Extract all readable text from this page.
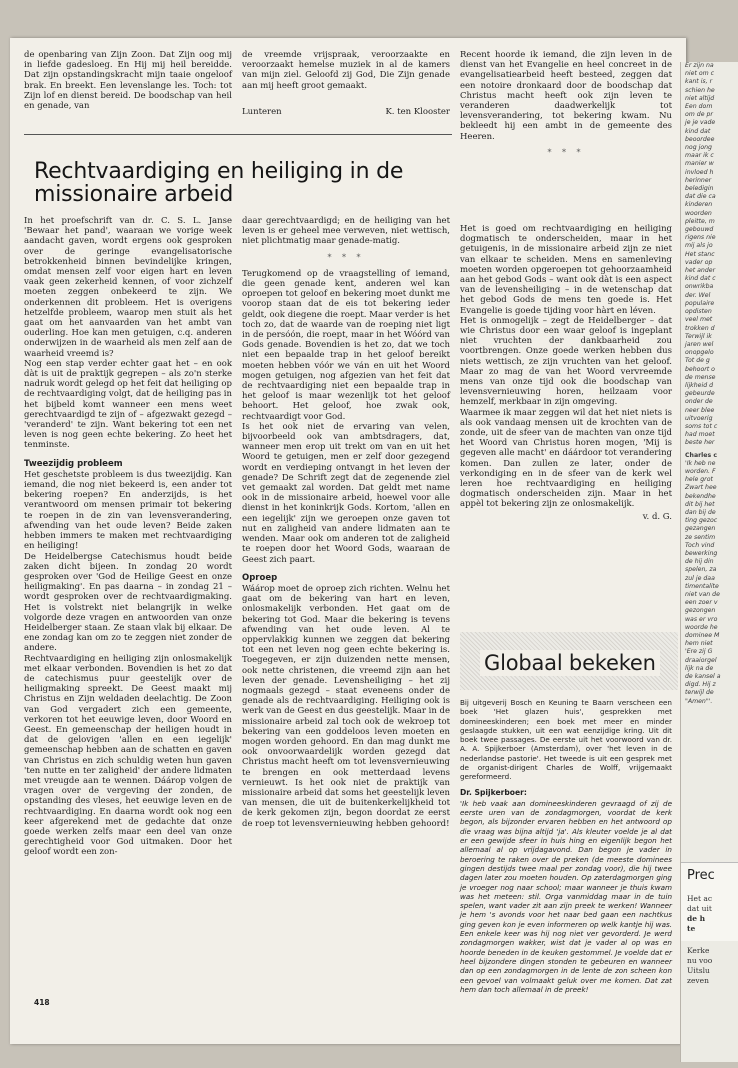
de openbaring van Zijn Zoon. Dat Zijn oog mij in liefde gadesloeg. En Hij mij heil bereidde. Dat zijn opstandingskracht mijn taaie ongeloof brak. En breekt. Een levenslange les. Toch: tot Zijn lof en dienst bereid. De boodschap van heil en genade, van

de vreemde vrijspraak, veroorzaakte en veroorzaakt hemelse muziek in al de kamers van mijn ziel. Geloofd zij God, Die Zijn genade aan mij heeft groot gemaakt.

Lunteren	K. ten Klooster

Recent hoorde ik iemand, die zijn leven in de dienst van het Evangelie en heel concreet in de evangelisatiearbeid heeft besteed, zeggen dat een notoire dronkaard door de boodschap dat Christus macht heeft ook zijn leven te veranderen daadwerkelijk tot levensverandering, tot bekering kwam. Nu bekleedt hij een ambt in de gemeente des Heeren.

* * *
Rechtvaardiging en heiliging in de missionaire arbeid

In het proefschrift van dr. C. S. L. Janse 'Bewaar het pand', waaraan we vorige week aandacht gaven, wordt ergens ook gesproken over de geringe evangelisatorische betrokkenheid binnen bevindelijke kringen, omdat mensen zelf voor eigen hart en leven vaak geen zekerheid kennen, of voor zichzelf moeten zeggen onbekeerd te zijn. We onderkennen dit probleem. Het is overigens hetzelfde probleem, waarop men stuit als het gaat om het aanvaarden van het ambt van ouderling. Hoe kan men getuigen, c.q. anderen onderwijzen in de waarheid als men zelf aan de waarheid vreemd is?

Nog een stap verder echter gaat het – en ook dàt is uit de praktijk gegrepen – als zo'n sterke nadruk wordt gelegd op het feit dat heiliging op de rechtvaardiging volgt, dat de heiliging pas in het bijbeld komt wanneer een mens weet gerechtvaardigd te zijn of – afgezwakt gezegd – 'veranderd' te zijn. Want bekering tot een net leven is nog geen echte bekering. Zo heet het tenminste.

Tweezijdig probleem

Het geschetste probleem is dus tweezijdig. Kan iemand, die nog niet bekeerd is, een ander tot bekering roepen? En anderzijds, is het verantwoord om mensen primair tot bekering te roepen in de zin van levensverandering, afwending van het oude leven? Beide zaken hebben immers te maken met rechtvaardiging en heiliging!

De Heidelbergse Catechismus houdt beide zaken dicht bijeen. In zondag 20 wordt gesproken over 'God de Heilige Geest en onze heiligmaking'. En pas daarna – in zondag 21 – wordt gesproken over de rechtvaardigmaking. Het is volstrekt niet belangrijk in welke volgorde deze vragen en antwoorden van onze Heidelberger staan. Ze staan vlak bij elkaar. De ene zondag kan om zo te zeggen niet zonder de andere.

Rechtvaardiging en heiliging zijn onlosmakelijk met elkaar verbonden. Bovendien is het zo dat de catechismus puur geestelijk over de heiligmaking spreekt. De Geest maakt mij Christus en Zijn weldaden deelachtig. De Zoon van God vergadert zich een gemeente, verkoren tot het eeuwige leven, door Woord en Geest. En gemeenschap der heiligen houdt in dat de gelovigen 'allen en een iegelijk' gemeenschap hebben aan de schatten en gaven van Christus en zich schuldig weten hun gaven 'ten nutte en ter zaligheid' der andere lidmaten met vreugde aan te wennen. Dáárop volgen de vragen over de vergeving der zonden, de opstanding des vleses, het eeuwige leven en de rechtvaardiging. En daarna wordt ook nog een keer afgerekend met de gedachte dat onze goede werken zelfs maar een deel van onze gerechtigheid voor God uitmaken. Door het geloof wordt een zon-

daar gerechtvaardigd; en de heiliging van het leven is er geheel mee verweven, niet wettisch, niet plichtmatig maar genade-matig.

* * *

Terugkomend op de vraagstelling of iemand, die geen genade kent, anderen wel kan oproepen tot geloof en bekering moet dunkt me voorop staan dat de eis tot bekering ieder geldt, ook diegene die roept. Maar verder is het toch zo, dat de waarde van de roeping niet ligt in de persóón, die roept, maar in het Wóórd van Gods genade. Bovendien is het zo, dat we toch niet een bepaalde trap in het geloof bereikt moeten hebben vóór we ván en uit het Woord mogen getuigen, nog afgezien van het feit dat de rechtvaardiging niet een bepaalde trap in het geloof is maar wezenlijk tot het geloof behoort. Het geloof, hoe zwak ook, rechtvaardigt voor God.

Is het ook niet de ervaring van velen, bijvoorbeeld ook van ambtsdragers, dat, wanneer men erop uit trekt om van en uit het Woord te getuigen, men er zelf door gezegend wordt en verdieping ontvangt in het leven der genade? De Schrift zegt dat de zegenende ziel vet gemaakt zal worden. Dat geldt met name ook in de missionaire arbeid, hoewel voor alle dienst in het koninkrijk Gods. Kortom, 'allen en een iegelijk' zijn we geroepen onze gaven tot nut en zaligheid van andere lidmaten aan te wenden. Maar ook om anderen tot de zaligheid te roepen door het Woord Gods, waaraan de Geest zich paart.

Oproep

Wáárop moet de oproep zich richten. Welnu het gaat om de bekering van hart en leven, onlosmakelijk verbonden. Het gaat om de bekering tot God. Maar die bekering is tevens afwending van het oude leven. Al te oppervlakkig kunnen we zeggen dat bekering tot een net leven nog geen echte bekering is. Toegegeven, er zijn duizenden nette mensen, ook nette christenen, die vreemd zijn aan het leven der genade. Levensheiliging – het zij nogmaals gezegd – staat eveneens onder de genade als de rechtvaardiging. Heiliging ook is werk van de Geest en dus geestelijk. Maar in de missionaire arbeid zal toch ook de wekroep tot bekering van een goddeloos leven moeten en mogen worden gehoord. En dan mag dunkt me ook onvoorwaardelijk worden gezegd dat Christus macht heeft om tot levensvernieuwing te brengen en ook metterdaad levens vernieuwt. Is het ook niet de praktijk van missionaire arbeid dat soms het geestelijk leven van mensen, die uit de buitenkerkelijkheid tot de kerk gekomen zijn, begon doordat ze eerst de roep tot levensvernieuwing hebben gehoord!

Het is goed om rechtvaardiging en heiliging dogmatisch te onderscheiden, maar in het getuigenis, in de missionaire arbeid zijn ze niet van elkaar te scheiden. Mens en samenleving moeten worden opgeroepen tot gehoorzaamheid aan het gebod Gods – want ook dàt is een aspect van de levensheiliging – in de wetenschap dat het gebod Gods de mens ten goede is. Het Evangelie is goede tijding voor hàrt en léven.

Het is onmogelijk – zegt de Heidelberger – dat wie Christus door een waar geloof is ingeplant niet vruchten der dankbaarheid zou voortbrengen. Onze goede werken hebben dus niets wettisch, ze zijn vruchten van het geloof. Maar zo mag de van het Woord vervreemde mens van onze tijd ook die boodschap van levensvernieuwing horen, heilzaam voor hemzelf, merkbaar in zijn omgeving.

Waarmee ik maar zeggen wil dat het niet niets is als ook vandaag mensen uit de krochten van de zonde, uit de sfeer van de machten van onze tijd het Woord van Christus horen mogen, 'Mij is gegeven alle macht' en dáárdoor tot verandering komen. Dan zullen ze later, onder de verkondiging en in de sfeer van de kerk wel leren hoe rechtvaardiging en heiliging dogmatisch onderscheiden zijn. Maar in het appèl tot bekering zijn ze onlosmakelijk.

v. d. G.
Globaal bekeken

Bij uitgeverij Bosch en Keuning te Baarn verscheen een boek 'Het glazen huis', gesprekken met domineeskinderen; een boek met meer en minder geslaagde stukken, uit een wat eenzijdige kring. Uit dit boek twee passages. De eerste uit het voorwoord van dr. A. A. Spijkerboer (Amsterdam), over 'het leven in de nederlandse pastorie'. Het tweede is uit een gesprek met de organist-dirigent Charles de Wolff, vrijgemaakt gereformeerd.

Dr. Spijkerboer:

'Ik heb vaak aan domineeskinderen gevraagd of zij de eerste uren van de zondagmorgen, voordat de kerk begon, als bijzonder ervaren hebben en het antwoord op die vraag was bijna altijd 'ja'. Als kleuter voelde je al dat er een gewijde sfeer in huis hing en eigenlijk begon het allemaal al op vrijdagavond. Dan begon je vader in beroering te raken over de preken (de meeste dominees gingen destijds twee maal per zondag voor), die hij twee dagen later zou moeten houden. Op zaterdagmorgen ging je vroeger nog naar school; maar wanneer je thuis kwam was het meteen: stil. Orga vanmiddag maar in de tuin spelen, want vader zit aan zijn preek te werken! Wanneer je hem 's avonds voor het naar bed gaan een nachtkus ging geven kon je even informeren op welk kantje hij was. Een enkele keer was hij nog niet ver gevorderd. Je werd zondagmorgen wakker, wist dat je vader al op was en hoorde beneden in de keuken gestommel. Je voelde dat er heel bijzondere dingen stonden te gebeuren en wanneer dan op een zondagmorgen in de lente de zon scheen kon een gevoel van volmaakt geluk over me komen. Dat zat hem dan toch allemaal in de preek!

418
Er zijn na
niet om c
kant is, r
schien he
niet altijd
Een dom
om de pr
je je vade
kind dat
beoordee
nog jong
maar ik c
manier w
invloed h
herinner
beledigin
dat die ca
kinderen
woorden
pleitte, m
gebouwd
rigens nie
mij als jo
Het stanc
vader op
het ander
kind dat c
onwrikba
der. Wel
populaire
opdisten
veel met
trokken d
Terwijl ik
jaren wel
onopgelo
Tot de g
behoort o
de mense
lijkheid d
gebeurde
onder de
neer blee
uitvoerig
soms tot c
had moet
beste her
Charles c
'Ik heb ne
worden. F
hele grot
Zwart hee
bekendhe
dit bij het
dan bij de
ting gezoc
gezangen
ze sentim
Toch vind
bewerking
de hij din
spelen, za
zul je daa
timentalite
niet van de
een zoer v
gezongen
was er vro
woorde he
dominee M
hem niet
'Ere zij G
draaiorgel
lijk na de
de kansel a
digd. Hij z
terwijl de
"Amen"'.
Prec
Het ac
dat uit
de h
te
Kerke
nu voo
Uitslu
zeven
